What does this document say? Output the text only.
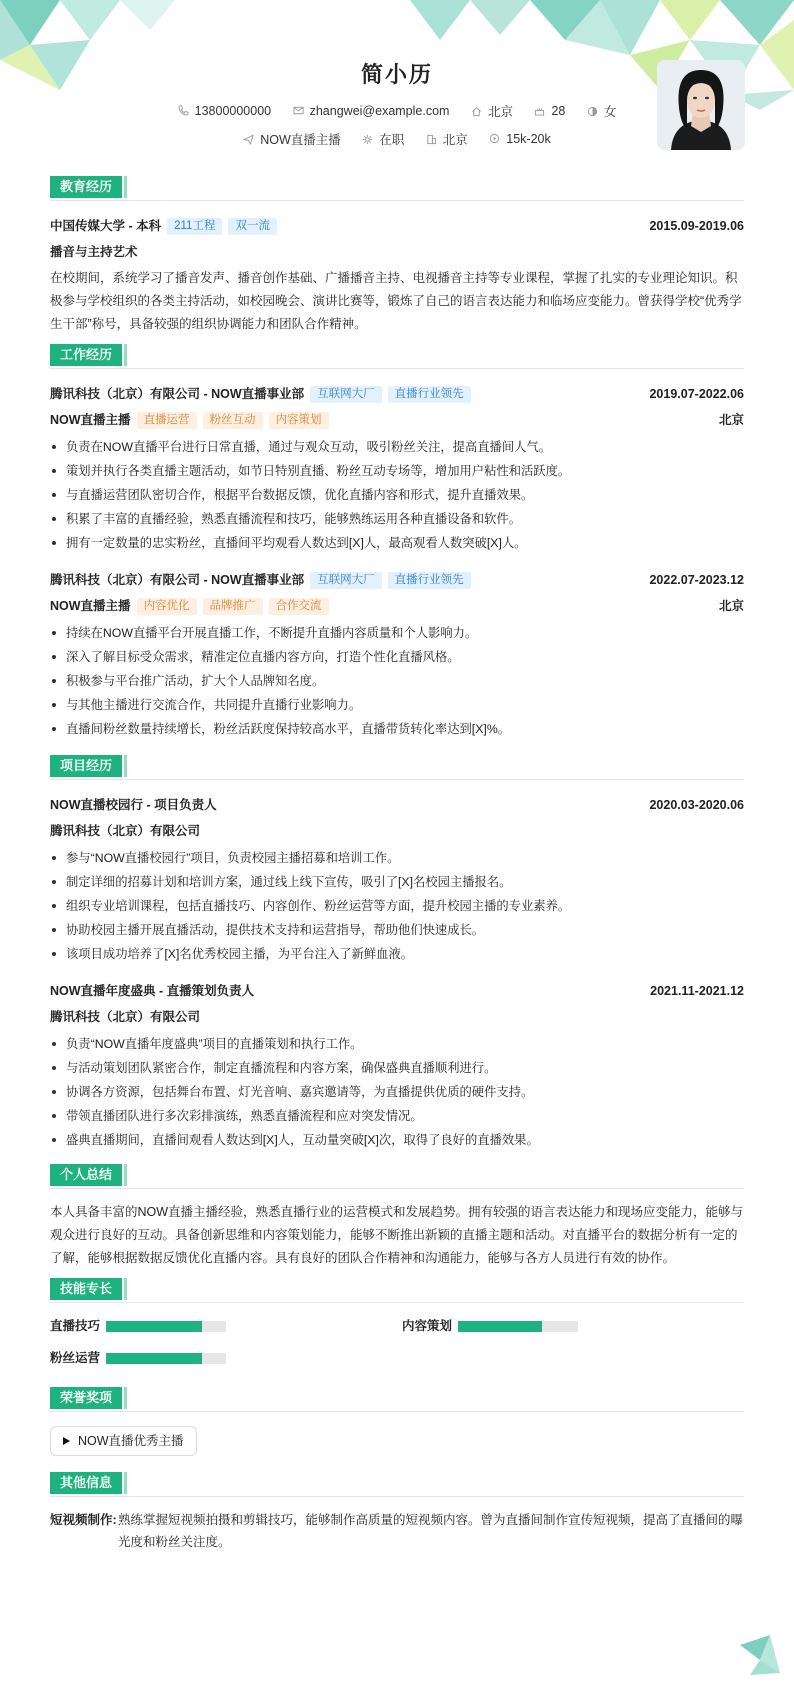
简小历
13800000000	zhangwei@example.com	北京	28	女
NOW直播主播	在职	北京	15k-20k
教育经历
中国传媒大学 - 本科 211工程 双一流	2015.09-2019.06
播音与主持艺术
在校期间，系统学习了播音发声、播音创作基础、广播播音主持、电视播音主持等专业课程，掌握了扎实的专业理论知识。积极参与学校组织的各类主持活动，如校园晚会、演讲比赛等，锻炼了自己的语言表达能力和临场应变能力。曾获得学校“优秀学生干部”称号，具备较强的组织协调能力和团队合作精神。
工作经历
腾讯科技（北京）有限公司 - NOW直播事业部 互联网大厂 直播行业领先	2019.07-2022.06
NOW直播主播 直播运营 粉丝互动 内容策划	北京
负责在NOW直播平台进行日常直播，通过与观众互动，吸引粉丝关注，提高直播间人气。
策划并执行各类直播主题活动，如节日特别直播、粉丝互动专场等，增加用户粘性和活跃度。
与直播运营团队密切合作，根据平台数据反馈，优化直播内容和形式，提升直播效果。
积累了丰富的直播经验，熟悉直播流程和技巧，能够熟练运用各种直播设备和软件。
拥有一定数量的忠实粉丝，直播间平均观看人数达到[X]人，最高观看人数突破[X]人。
腾讯科技（北京）有限公司 - NOW直播事业部 互联网大厂 直播行业领先	2022.07-2023.12
NOW直播主播 内容优化 品牌推广 合作交流	北京
持续在NOW直播平台开展直播工作，不断提升直播内容质量和个人影响力。
深入了解目标受众需求，精准定位直播内容方向，打造个性化直播风格。
积极参与平台推广活动，扩大个人品牌知名度。
与其他主播进行交流合作，共同提升直播行业影响力。
直播间粉丝数量持续增长，粉丝活跃度保持较高水平，直播带货转化率达到[X]%。
项目经历
NOW直播校园行 - 项目负责人	2020.03-2020.06
腾讯科技（北京）有限公司
参与“NOW直播校园行”项目，负责校园主播招募和培训工作。
制定详细的招募计划和培训方案，通过线上线下宣传，吸引了[X]名校园主播报名。
组织专业培训课程，包括直播技巧、内容创作、粉丝运营等方面，提升校园主播的专业素养。
协助校园主播开展直播活动，提供技术支持和运营指导，帮助他们快速成长。
该项目成功培养了[X]名优秀校园主播，为平台注入了新鲜血液。
NOW直播年度盛典 - 直播策划负责人	2021.11-2021.12
腾讯科技（北京）有限公司
负责“NOW直播年度盛典”项目的直播策划和执行工作。
与活动策划团队紧密合作，制定直播流程和内容方案，确保盛典直播顺利进行。
协调各方资源，包括舞台布置、灯光音响、嘉宾邀请等，为直播提供优质的硬件支持。
带领直播团队进行多次彩排演练，熟悉直播流程和应对突发情况。
盛典直播期间，直播间观看人数达到[X]人，互动量突破[X]次，取得了良好的直播效果。
个人总结
本人具备丰富的NOW直播主播经验，熟悉直播行业的运营模式和发展趋势。拥有较强的语言表达能力和现场应变能力，能够与观众进行良好的互动。具备创新思维和内容策划能力，能够不断推出新颖的直播主题和活动。对直播平台的数据分析有一定的了解，能够根据数据反馈优化直播内容。具有良好的团队合作精神和沟通能力，能够与各方人员进行有效的协作。
技能专长
直播技巧	内容策划
粉丝运营
荣誉奖项
NOW直播优秀主播
其他信息
短视频制作: 熟练掌握短视频拍摄和剪辑技巧，能够制作高质量的短视频内容。曾为直播间制作宣传短视频，提高了直播间的曝光度和粉丝关注度。
